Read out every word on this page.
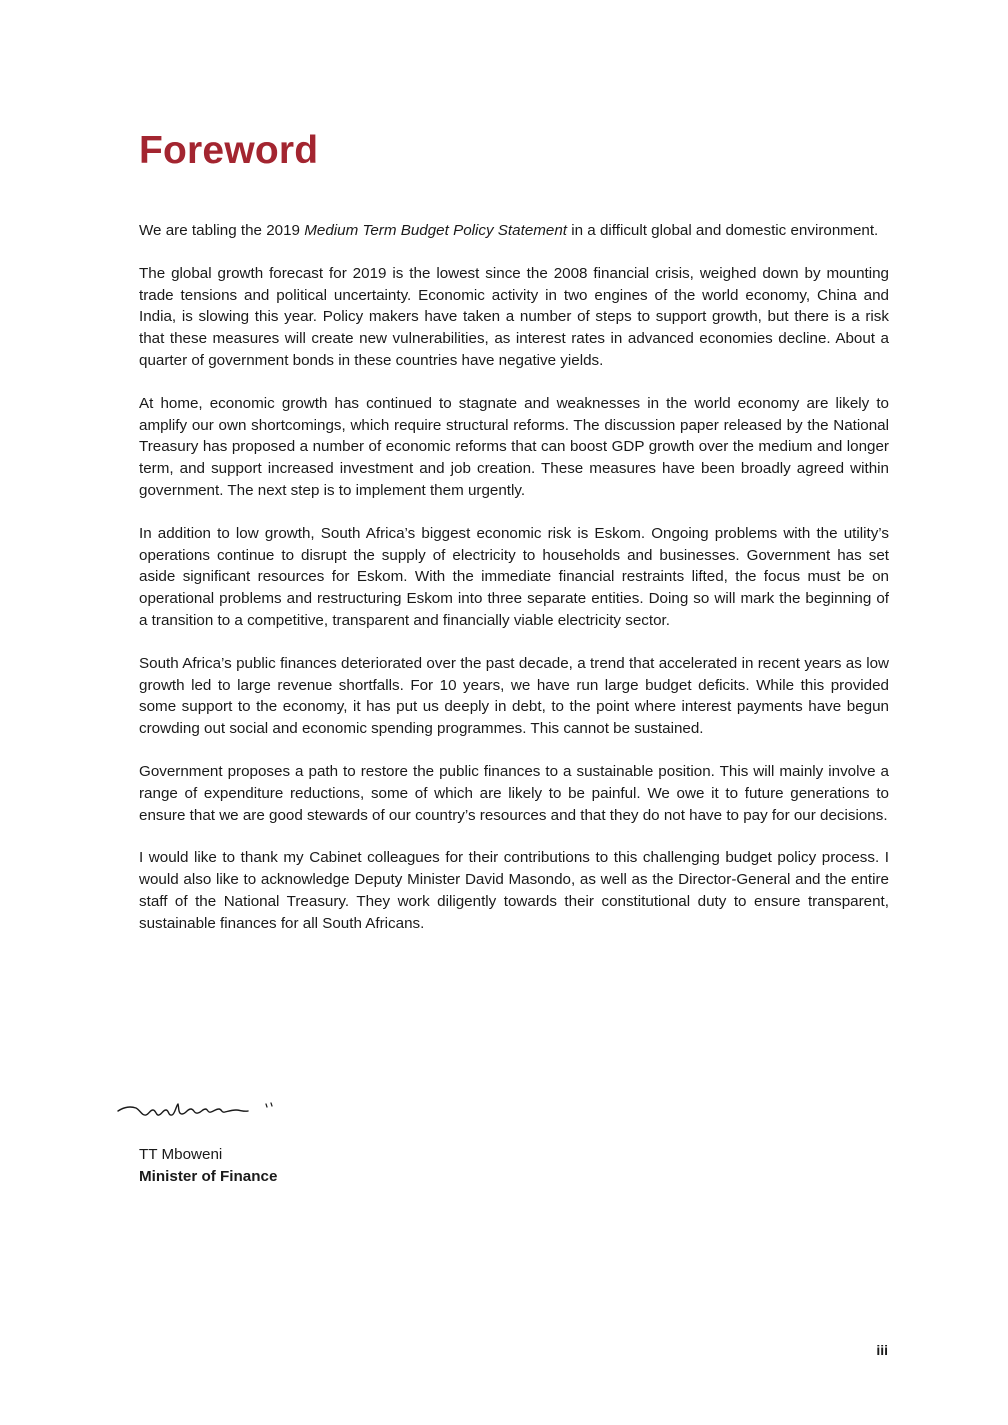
Foreword

We are tabling the 2019 Medium Term Budget Policy Statement in a difficult global and domestic environment.

The global growth forecast for 2019 is the lowest since the 2008 financial crisis, weighed down by mounting trade tensions and political uncertainty. Economic activity in two engines of the world economy, China and India, is slowing this year. Policy makers have taken a number of steps to support growth, but there is a risk that these measures will create new vulnerabilities, as interest rates in advanced economies decline. About a quarter of government bonds in these countries have negative yields.

At home, economic growth has continued to stagnate and weaknesses in the world economy are likely to amplify our own shortcomings, which require structural reforms. The discussion paper released by the National Treasury has proposed a number of economic reforms that can boost GDP growth over the medium and longer term, and support increased investment and job creation. These measures have been broadly agreed within government. The next step is to implement them urgently.

In addition to low growth, South Africa’s biggest economic risk is Eskom. Ongoing problems with the utility’s operations continue to disrupt the supply of electricity to households and businesses. Government has set aside significant resources for Eskom. With the immediate financial restraints lifted, the focus must be on operational problems and restructuring Eskom into three separate entities. Doing so will mark the beginning of a transition to a competitive, transparent and financially viable electricity sector.

South Africa’s public finances deteriorated over the past decade, a trend that accelerated in recent years as low growth led to large revenue shortfalls. For 10 years, we have run large budget deficits. While this provided some support to the economy, it has put us deeply in debt, to the point where interest payments have begun crowding out social and economic spending programmes. This cannot be sustained.

Government proposes a path to restore the public finances to a sustainable position. This will mainly involve a range of expenditure reductions, some of which are likely to be painful. We owe it to future generations to ensure that we are good stewards of our country’s resources and that they do not have to pay for our decisions.

I would like to thank my Cabinet colleagues for their contributions to this challenging budget policy process. I would also like to acknowledge Deputy Minister David Masondo, as well as the Director-General and the entire staff of the National Treasury. They work diligently towards their constitutional duty to ensure transparent, sustainable finances for all South Africans.

TT Mboweni

Minister of Finance

iii
